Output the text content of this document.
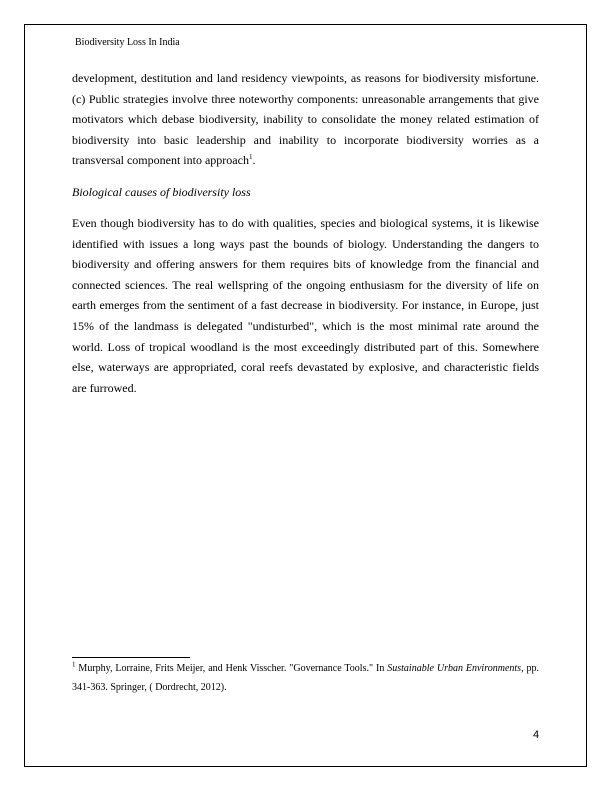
Biodiversity Loss In India

development, destitution and land residency viewpoints, as reasons for biodiversity misfortune. (c) Public strategies involve three noteworthy components: unreasonable arrangements that give motivators which debase biodiversity, inability to consolidate the money related estimation of biodiversity into basic leadership and inability to incorporate biodiversity worries as a transversal component into approach$^1$.

Biological causes of biodiversity loss

Even though biodiversity has to do with qualities, species and biological systems, it is likewise identified with issues a long ways past the bounds of biology. Understanding the dangers to biodiversity and offering answers for them requires bits of knowledge from the financial and connected sciences. The real wellspring of the ongoing enthusiasm for the diversity of life on earth emerges from the sentiment of a fast decrease in biodiversity. For instance, in Europe, just 15% of the landmass is delegated "undisturbed", which is the most minimal rate around the world. Loss of tropical woodland is the most exceedingly distributed part of this. Somewhere else, waterways are appropriated, coral reefs devastated by explosive, and characteristic fields are furrowed.

$^1$ Murphy, Lorraine, Frits Meijer, and Henk Visscher. "Governance Tools." In Sustainable Urban Environments, pp. 341-363. Springer, ( Dordrecht, 2012).

4
